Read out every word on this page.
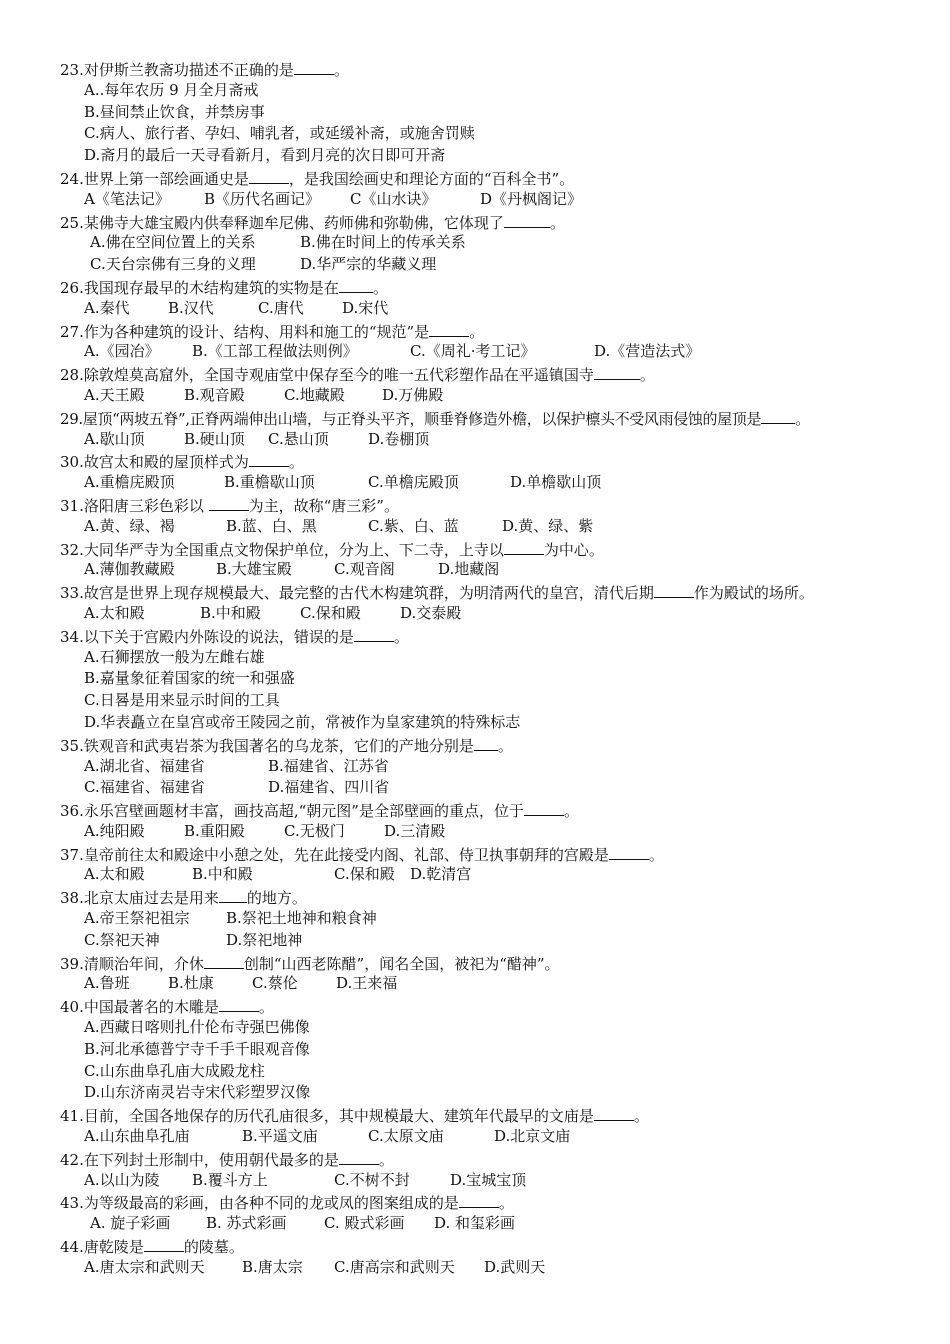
23.对伊斯兰教斋功描述不正确的是	。
A..每年农历 9 月全月斋戒
B.昼间禁止饮食，并禁房事
C.病人、旅行者、孕妇、哺乳者，或延缓补斋，或施舍罚赎
D.斋月的最后一天寻看新月，看到月亮的次日即可开斋
24.世界上第一部绘画通史是	，是我国绘画史和理论方面的“百科全书”。
A《笔法记》 B《历代名画记》 C《山水诀》	D《丹枫阁记》
25.某佛寺大雄宝殿内供奉释迦牟尼佛、药师佛和弥勒佛，它体现了	。
A.佛在空间位置上的关系	B.佛在时间上的传承关系
C.天台宗佛有三身的义理	D.华严宗的华藏义理
26.我国现存最早的木结构建筑的实物是在 。
A.秦代	B.汉代	C.唐代	D.宋代
27.作为各种建筑的设计、结构、用料和施工的“规范”是	。
A.《园冶》 B.《工部工程做法则例》	C.《周礼·考工记》	D.《营造法式》
28.除敦煌莫高窟外，全国寺观庙堂中保存至今的唯一五代彩塑作品在平遥镇国寺	。
A.天王殿	B.观音殿	C.地藏殿 D.万佛殿
29.屋顶“两坡五脊”,正脊两端伸出山墙，与正脊头平齐，顺垂脊修造外檐，以保护檩头不受风雨侵蚀的屋顶是 。
A.歇山顶	B.硬山顶 C.悬山顶	D.卷棚顶
30.故宫太和殿的屋顶样式为	。
A.重檐庑殿顶	B.重檐歇山顶	C.单檐庑殿顶	D.单檐歇山顶
31.洛阳唐三彩色彩以	为主，故称“唐三彩”。
A.黄、绿、褐	B.蓝、白、黑	C.紫、白、蓝	D.黄、绿、紫
32.大同华严寺为全国重点文物保护单位，分为上、下二寺，上寺以	为中心。
A.薄伽教藏殿	B.大雄宝殿	C.观音阁	D.地藏阁
33.故宫是世界上现存规模最大、最完整的古代木构建筑群，为明清两代的皇宫，清代后期	作为殿试的场所。
A.太和殿	B.中和殿	C.保和殿	D.交泰殿
34.以下关于宫殿内外陈设的说法，错误的是	。
A.石狮摆放一般为左雌右雄
B.嘉量象征着国家的统一和强盛
C.日晷是用来显示时间的工具
D.华表矗立在皇宫或帝王陵园之前，常被作为皇家建筑的特殊标志
35.铁观音和武夷岩茶为我国著名的乌龙茶，它们的产地分别是 。
A.湖北省、福建省	B.福建省、江苏省
C.福建省、福建省	D.福建省、四川省
36.永乐宫壁画题材丰富，画技高超,“朝元图”是全部壁画的重点，位于	。
A.纯阳殿	B.重阳殿	C.无极门	D.三清殿
37.皇帝前往太和殿途中小憩之处，先在此接受内阁、礼部、侍卫执事朝拜的宫殿是	。
A.太和殿	B.中和殿	C.保和殿 D.乾清宫
38.北京太庙过去是用来 的地方。
A.帝王祭祀祖宗 B.祭祀土地神和粮食神
C.祭祀天神	D.祭祀地神
39.清顺治年间，介休	创制“山西老陈醋”，闻名全国，被祀为“醋神”。
A.鲁班	B.杜康	C.蔡伦	D.王来福
40.中国最著名的木雕是	。
A.西藏日喀则扎什伦布寺强巴佛像
B.河北承德普宁寺千手千眼观音像
C.山东曲阜孔庙大成殿龙柱
D.山东济南灵岩寺宋代彩塑罗汉像
41.目前，全国各地保存的历代孔庙很多，其中规模最大、建筑年代最早的文庙是	。
A.山东曲阜孔庙	B.平遥文庙	C.太原文庙	D.北京文庙
42.在下列封土形制中，使用朝代最多的是	。
A.以山为陵 B.覆斗方上	C.不树不封	D.宝城宝顶
43.为等级最高的彩画，由各种不同的龙或凤的图案组成的是	。
A. 旋子彩画 B. 苏式彩画 C. 殿式彩画 D. 和玺彩画
44.唐乾陵是	的陵墓。
A.唐太宗和武则天 B.唐太宗 C.唐高宗和武则天 D.武则天
